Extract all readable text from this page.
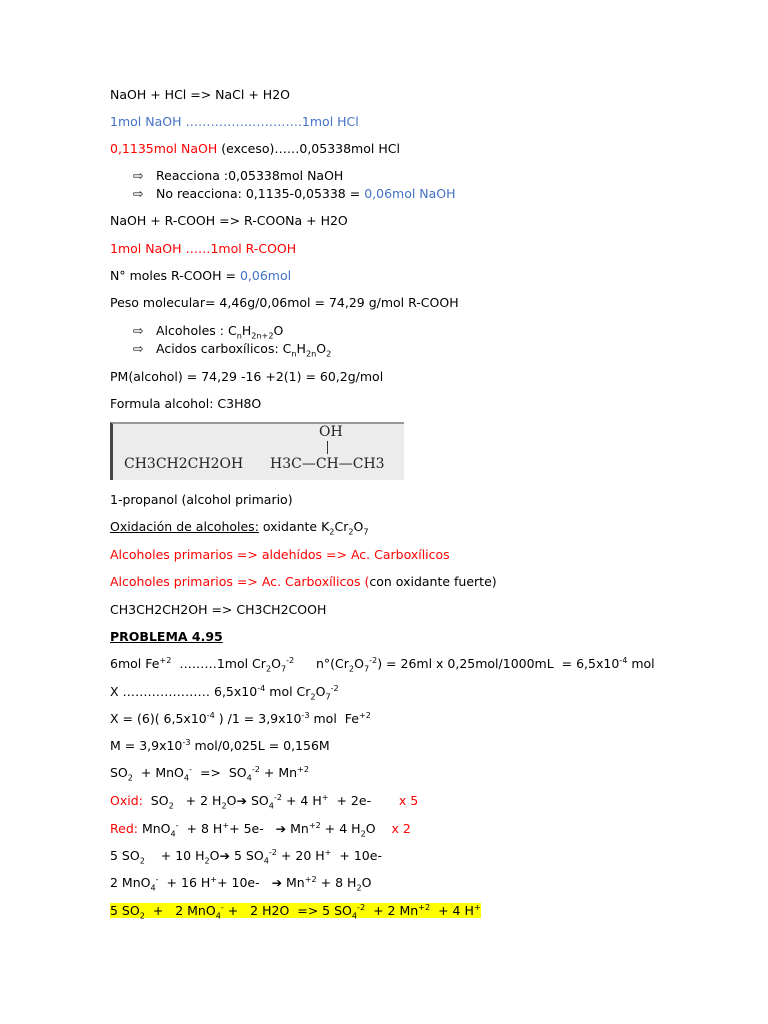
NaOH + HCl => NaCl + H2O
1mol NaOH ……………………….1mol HCl
0,1135mol NaOH (exceso)……0,05338mol HCl
⇨ Reacciona :0,05338mol NaOH
⇨ No reacciona: 0,1135-0,05338 = 0,06mol NaOH
NaOH + R-COOH => R-COONa + H2O
1mol NaOH ……1mol R-COOH
N° moles R-COOH = 0,06mol
Peso molecular= 4,46g/0,06mol = 74,29 g/mol R-COOH
⇨ Alcoholes : $C_nH_{2n+2}O$
⇨ Acidos carboxílicos: $C_nH_{2n}O_2$
PM(alcohol) = 74,29 -16 +2(1) = 60,2g/mol
Formula alcohol: C3H8O
CH3CH2CH2OH
OH
H3C—CH—CH3
1-propanol (alcohol primario)
Oxidación de alcoholes: oxidante $K_2Cr_2O_7$
Alcoholes primarios => aldehídos => Ac. Carboxílicos
Alcoholes primarios => Ac. Carboxílicos (con oxidante fuerte)
CH3CH2CH2OH => CH3CH2COOH
PROBLEMA 4.95
6mol $Fe^{+2}$  ………1mol $Cr_2O_7^{-2}$ $n^\circ(Cr_2O_7^{-2}) = 26ml$ x $0,25mol/1000mL = 6,5x10^{-4}$ mol
X ………………… $6,5x10^{-4}$ mol $Cr_2O_7^{-2}$
X = (6)( $6,5x10^{-4}$ ) $/1 = 3,9x10^{-3}$ mol  $Fe^{+2}$
$M = 3,9x10^{-3}$ mol/0,025L = 0,156M
$SO_2 + MnO_4^- => SO_4^{-2} + Mn^{+2}$
Oxid:  $SO_2 + 2$ $H_2O➔$ $SO_4^{-2} + 4$ H+  + 2e-       x 5
Red: MnO$_4$-  + 8 H++ 5e-   ➔ $Mn^{+2} + 4$ $H_2O$    x 2
5 $SO_2$    + 10 $H_2O➔$ 5 $SO_4^{-2} + 20$ H+  + 10e-
2 MnO$_4$-  + 16 H++ 10e-   ➔ $Mn^{+2} + 8$ $H_2O$
5 $SO_2 + 2$ MnO$_4$- +   2 H2O  => 5 $SO_4^{-2} + 2$ $Mn^{+2} + 4$ H+
